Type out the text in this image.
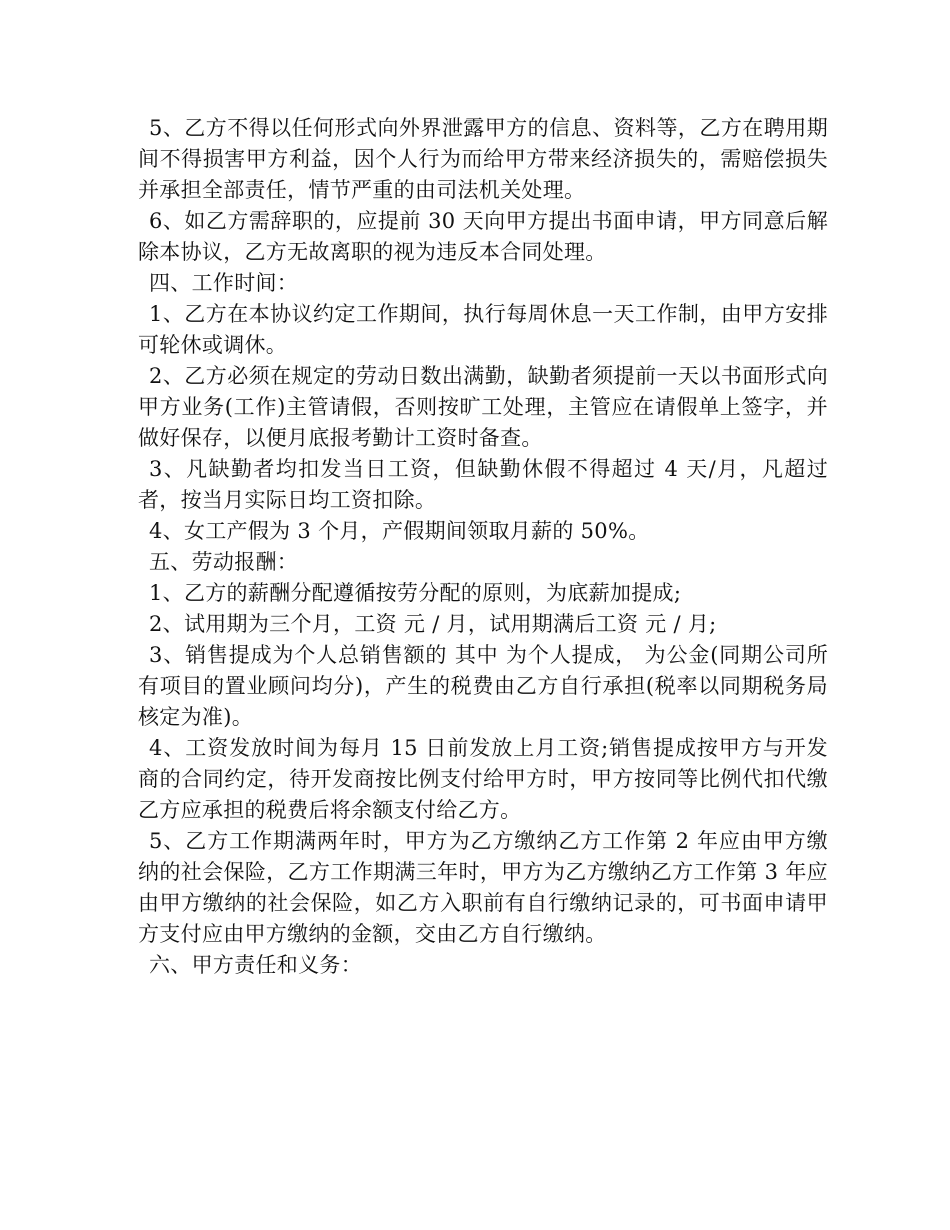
5、乙方不得以任何形式向外界泄露甲方的信息、资料等，乙方在聘用期间不得损害甲方利益，因个人行为而给甲方带来经济损失的，需赔偿损失并承担全部责任，情节严重的由司法机关处理。

6、如乙方需辞职的，应提前 30 天向甲方提出书面申请，甲方同意后解除本协议，乙方无故离职的视为违反本合同处理。

四、工作时间：

1、乙方在本协议约定工作期间，执行每周休息一天工作制，由甲方安排可轮休或调休。

2、乙方必须在规定的劳动日数出满勤，缺勤者须提前一天以书面形式向甲方业务(工作)主管请假，否则按旷工处理，主管应在请假单上签字，并做好保存，以便月底报考勤计工资时备查。

3、凡缺勤者均扣发当日工资，但缺勤休假不得超过 4 天/月，凡超过者，按当月实际日均工资扣除。

4、女工产假为 3 个月，产假期间领取月薪的 50%。

五、劳动报酬：

1、乙方的薪酬分配遵循按劳分配的原则，为底薪加提成;

2、试用期为三个月，工资 元 / 月，试用期满后工资 元 / 月;

3、销售提成为个人总销售额的 其中 为个人提成， 为公金(同期公司所有项目的置业顾问均分)，产生的税费由乙方自行承担(税率以同期税务局核定为准)。

4、工资发放时间为每月 15 日前发放上月工资;销售提成按甲方与开发商的合同约定，待开发商按比例支付给甲方时，甲方按同等比例代扣代缴乙方应承担的税费后将余额支付给乙方。

5、乙方工作期满两年时，甲方为乙方缴纳乙方工作第 2 年应由甲方缴纳的社会保险，乙方工作期满三年时，甲方为乙方缴纳乙方工作第 3 年应由甲方缴纳的社会保险，如乙方入职前有自行缴纳记录的，可书面申请甲方支付应由甲方缴纳的金额，交由乙方自行缴纳。

六、甲方责任和义务：
